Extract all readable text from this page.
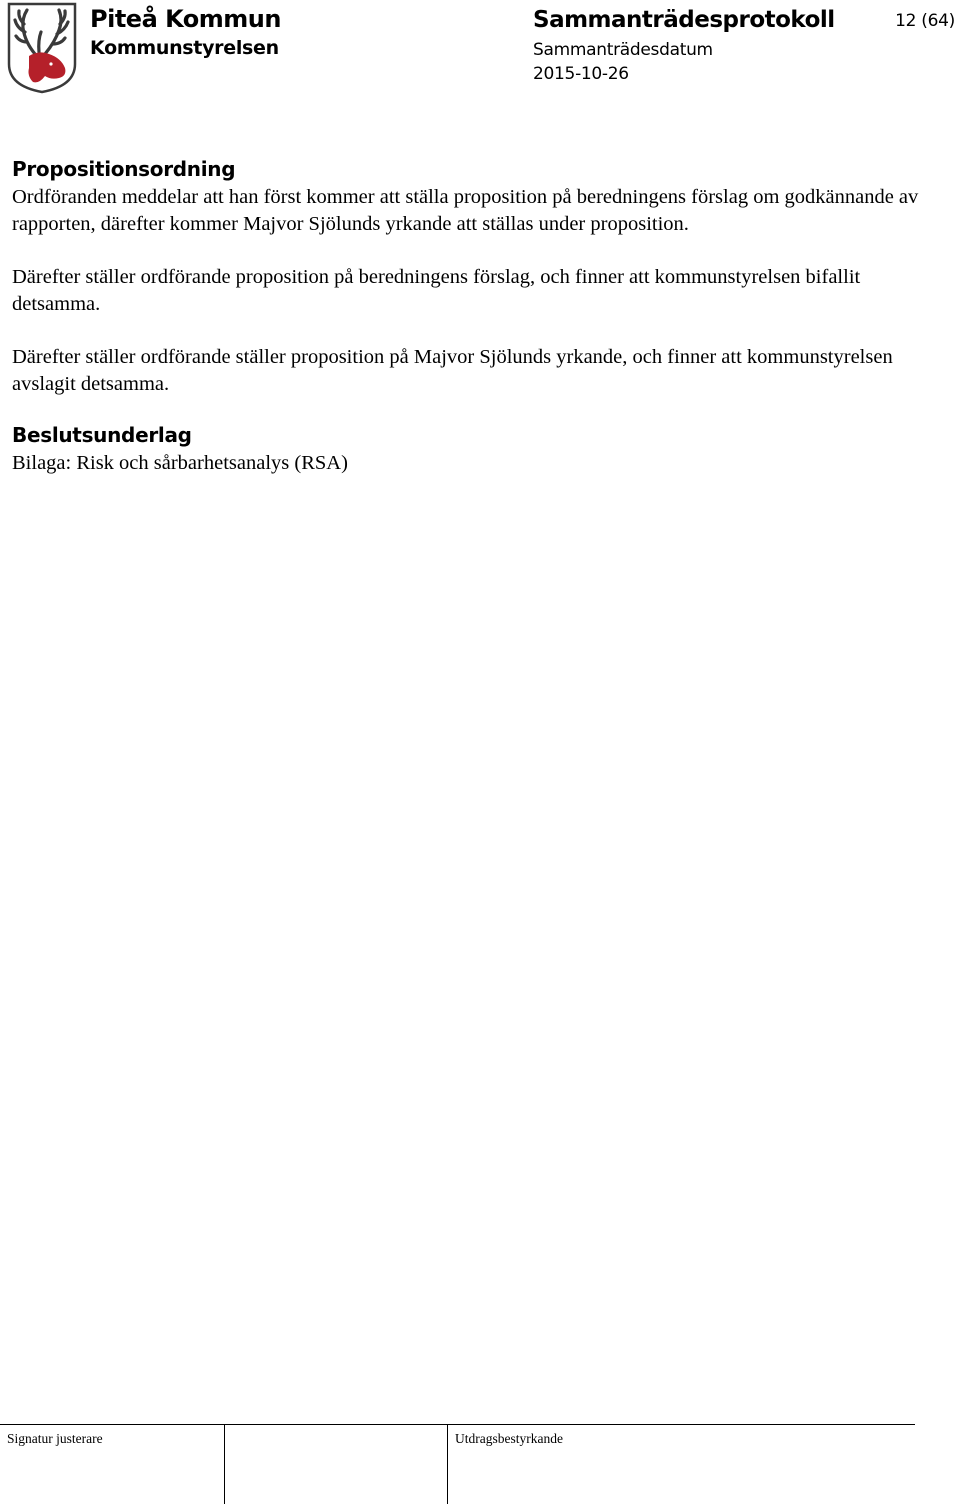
Piteå Kommun
Kommunstyrelsen
Sammanträdesprotokoll
Sammanträdesdatum
2015-10-26
12 (64)
Propositionsordning

Ordföranden meddelar att han först kommer att ställa proposition på beredningens förslag om godkännande av rapporten, därefter kommer Majvor Sjölunds yrkande att ställas under proposition.

Därefter ställer ordförande proposition på beredningens förslag, och finner att kommunstyrelsen bifallit detsamma.

Därefter ställer ordförande ställer proposition på Majvor Sjölunds yrkande, och finner att kommunstyrelsen avslagit detsamma.

Beslutsunderlag

Bilaga: Risk och sårbarhetsanalys (RSA)

Signatur justerare	Utdragsbestyrkande
